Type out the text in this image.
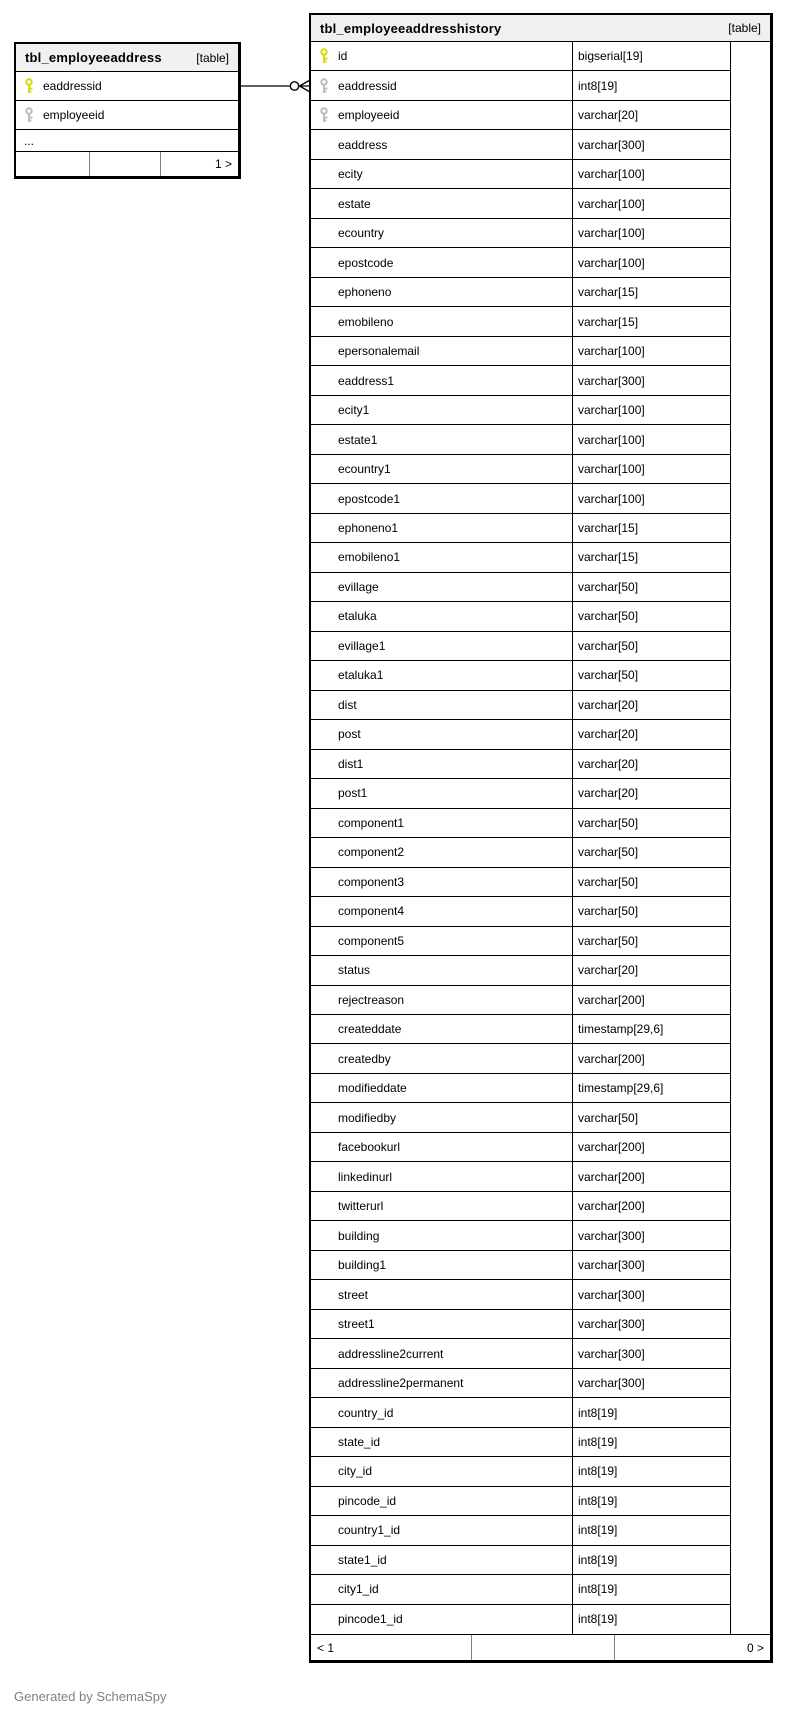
tbl_employeeaddress	[table]
eaddressid
employeeid
...
1 >
tbl_employeeaddresshistory	[table]
id	bigserial[19]
eaddressid	int8[19]
employeeid	varchar[20]
eaddress	varchar[300]
ecity	varchar[100]
estate	varchar[100]
ecountry	varchar[100]
epostcode	varchar[100]
ephoneno	varchar[15]
emobileno	varchar[15]
epersonalemail	varchar[100]
eaddress1	varchar[300]
ecity1	varchar[100]
estate1	varchar[100]
ecountry1	varchar[100]
epostcode1	varchar[100]
ephoneno1	varchar[15]
emobileno1	varchar[15]
evillage	varchar[50]
etaluka	varchar[50]
evillage1	varchar[50]
etaluka1	varchar[50]
dist	varchar[20]
post	varchar[20]
dist1	varchar[20]
post1	varchar[20]
component1	varchar[50]
component2	varchar[50]
component3	varchar[50]
component4	varchar[50]
component5	varchar[50]
status	varchar[20]
rejectreason	varchar[200]
createddate	timestamp[29,6]
createdby	varchar[200]
modifieddate	timestamp[29,6]
modifiedby	varchar[50]
facebookurl	varchar[200]
linkedinurl	varchar[200]
twitterurl	varchar[200]
building	varchar[300]
building1	varchar[300]
street	varchar[300]
street1	varchar[300]
addressline2current	varchar[300]
addressline2permanent	varchar[300]
country_id	int8[19]
state_id	int8[19]
city_id	int8[19]
pincode_id	int8[19]
country1_id	int8[19]
state1_id	int8[19]
city1_id	int8[19]
pincode1_id	int8[19]
< 1	0 >
Generated by SchemaSpy
